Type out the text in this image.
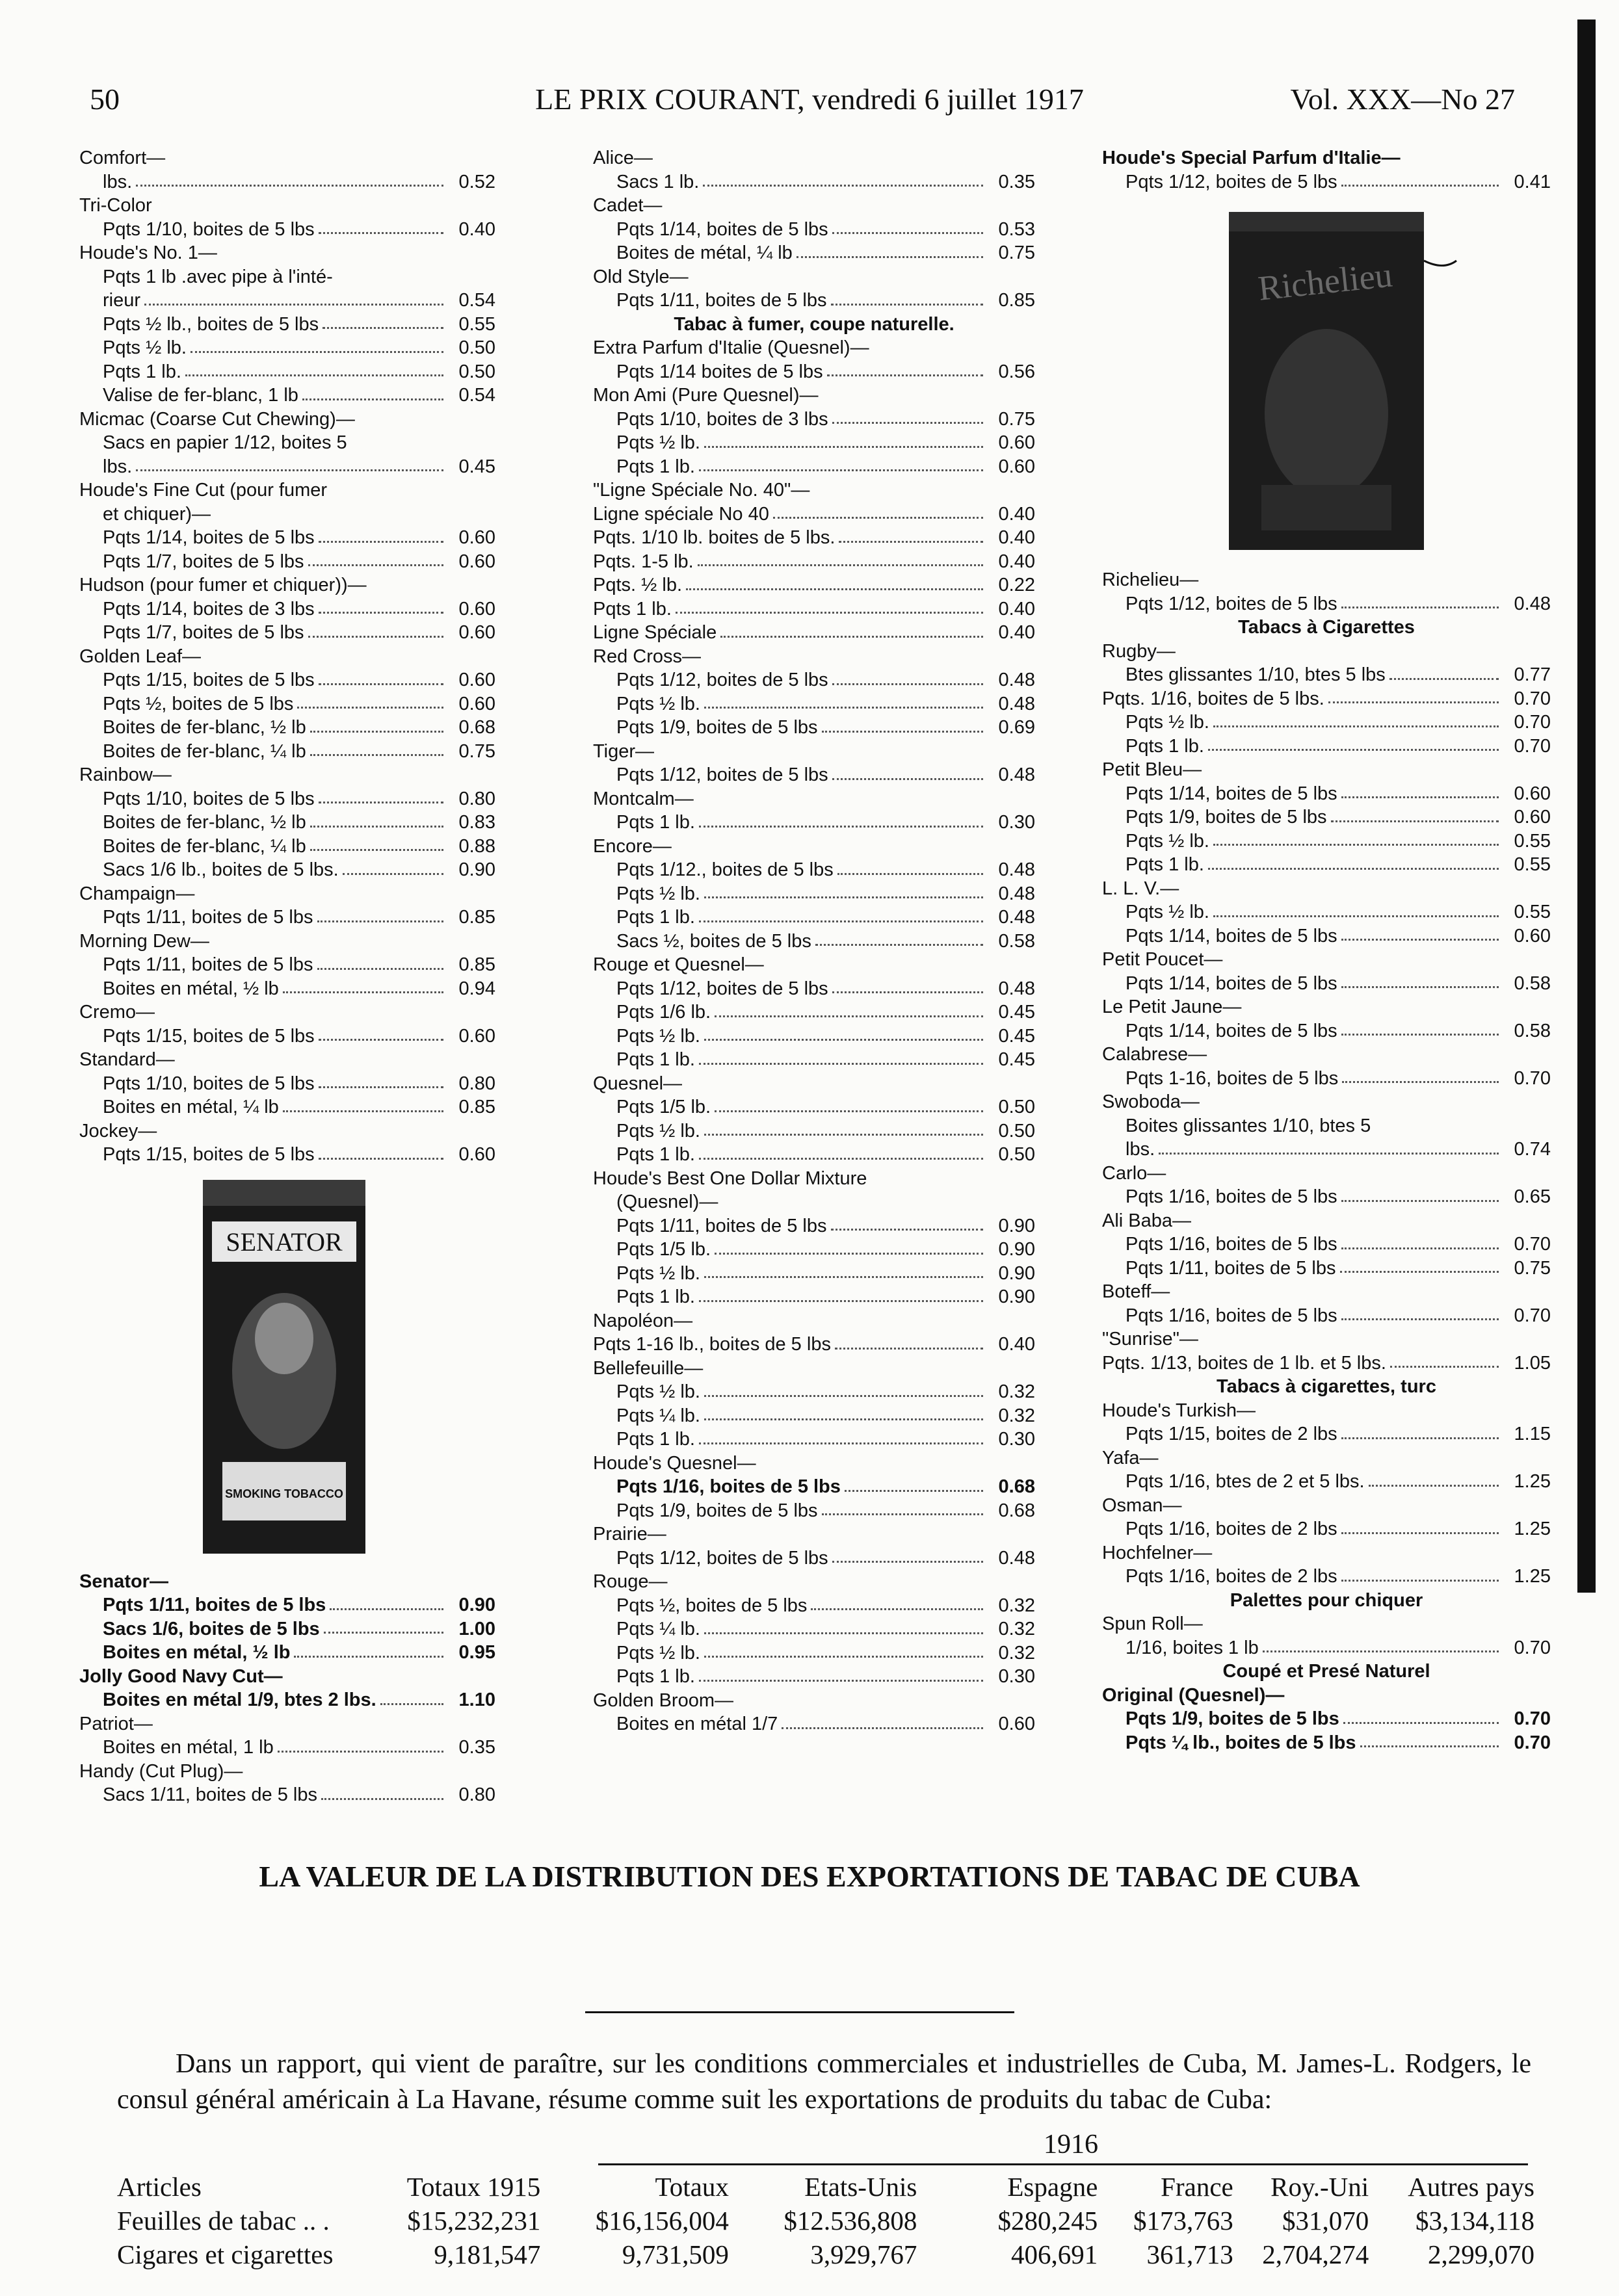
50	LE PRIX COURANT, vendredi 6 juillet 1917	Vol. XXX—No 27
Comfort—
lbs.	0.52
Tri-Color
Pqts 1/10, boites de 5 lbs	0.40
Houde's No. 1—
Pqts 1 lb .avec pipe à l'inté-
rieur	0.54
Pqts ½ lb., boites de 5 lbs	0.55
Pqts ½ lb.	0.50
Pqts 1 lb.	0.50
Valise de fer-blanc, 1 lb	0.54
Micmac (Coarse Cut Chewing)—
Sacs en papier 1/12, boites 5
lbs.	0.45
Houde's Fine Cut (pour fumer
et chiquer)—
Pqts 1/14, boites de 5 lbs	0.60
Pqts 1/7, boites de 5 lbs	0.60
Hudson (pour fumer et chiquer))—
Pqts 1/14, boites de 3 lbs	0.60
Pqts 1/7, boites de 5 lbs	0.60
Golden Leaf—
Pqts 1/15, boites de 5 lbs	0.60
Pqts ½, boites de 5 lbs	0.60
Boites de fer-blanc, ½ lb	0.68
Boites de fer-blanc, ¼ lb	0.75
Rainbow—
Pqts 1/10, boites de 5 lbs	0.80
Boites de fer-blanc, ½ lb	0.83
Boites de fer-blanc, ¼ lb	0.88
Sacs 1/6 lb., boites de 5 lbs.	0.90
Champaign—
Pqts 1/11, boites de 5 lbs	0.85
Morning Dew—
Pqts 1/11, boites de 5 lbs	0.85
Boites en métal, ½ lb	0.94
Cremo—
Pqts 1/15, boites de 5 lbs	0.60
Standard—
Pqts 1/10, boites de 5 lbs	0.80
Boites en métal, ¼ lb	0.85
Jockey—
Pqts 1/15, boites de 5 lbs	0.60
SENATOR
SMOKING TOBACCO
Senator—
Pqts 1/11, boites de 5 lbs	0.90
Sacs 1/6, boites de 5 lbs	1.00
Boites en métal, ½ lb	0.95
Jolly Good Navy Cut—
Boites en métal 1/9, btes 2 lbs.	1.10
Patriot—
Boites en métal, 1 lb	0.35
Handy (Cut Plug)—
Sacs 1/11, boites de 5 lbs	0.80
Alice—
Sacs 1 lb.	0.35
Cadet—
Pqts 1/14, boites de 5 lbs	0.53
Boites de métal, ¼ lb	0.75
Old Style—
Pqts 1/11, boites de 5 lbs	0.85
Tabac à fumer, coupe naturelle.
Extra Parfum d'Italie (Quesnel)—
Pqts 1/14 boites de 5 lbs	0.56
Mon Ami (Pure Quesnel)—
Pqts 1/10, boites de 3 lbs	0.75
Pqts ½ lb.	0.60
Pqts 1 lb.	0.60
"Ligne Spéciale No. 40"—
Ligne spéciale No 40	0.40
Pqts. 1/10 lb. boites de 5 lbs.	0.40
Pqts. 1-5 lb.	0.40
Pqts. ½ lb.	0.22
Pqts 1 lb.	0.40
Ligne Spéciale	0.40
Red Cross—
Pqts 1/12, boites de 5 lbs	0.48
Pqts ½ lb.	0.48
Pqts 1/9, boites de 5 lbs	0.69
Tiger—
Pqts 1/12, boites de 5 lbs	0.48
Montcalm—
Pqts 1 lb.	0.30
Encore—
Pqts 1/12., boites de 5 lbs	0.48
Pqts ½ lb.	0.48
Pqts 1 lb.	0.48
Sacs ½, boites de 5 lbs	0.58
Rouge et Quesnel—
Pqts 1/12, boites de 5 lbs	0.48
Pqts 1/6 lb.	0.45
Pqts ½ lb.	0.45
Pqts 1 lb.	0.45
Quesnel—
Pqts 1/5 lb.	0.50
Pqts ½ lb.	0.50
Pqts 1 lb.	0.50
Houde's Best One Dollar Mixture
(Quesnel)—
Pqts 1/11, boites de 5 lbs	0.90
Pqts 1/5 lb.	0.90
Pqts ½ lb.	0.90
Pqts 1 lb.	0.90
Napoléon—
Pqts 1-16 lb., boites de 5 lbs	0.40
Bellefeuille—
Pqts ½ lb.	0.32
Pqts ¼ lb.	0.32
Pqts 1 lb.	0.30
Houde's Quesnel—
Pqts 1/16, boites de 5 lbs	0.68
Pqts 1/9, boites de 5 lbs	0.68
Prairie—
Pqts 1/12, boites de 5 lbs	0.48
Rouge—
Pqts ½, boites de 5 lbs	0.32
Pqts ¼ lb.	0.32
Pqts ½ lb.	0.32
Pqts 1 lb.	0.30
Golden Broom—
Boites en métal 1/7	0.60
Houde's Special Parfum d'Italie—
Pqts 1/12, boites de 5 lbs	0.41
Richelieu
Richelieu—
Pqts 1/12, boites de 5 lbs	0.48
Tabacs à Cigarettes
Rugby—
Btes glissantes 1/10, btes 5 lbs	0.77
Pqts. 1/16, boites de 5 lbs.	0.70
Pqts ½ lb.	0.70
Pqts 1 lb.	0.70
Petit Bleu—
Pqts 1/14, boites de 5 lbs	0.60
Pqts 1/9, boites de 5 lbs	0.60
Pqts ½ lb.	0.55
Pqts 1 lb.	0.55
L. L. V.—
Pqts ½ lb.	0.55
Pqts 1/14, boites de 5 lbs	0.60
Petit Poucet—
Pqts 1/14, boites de 5 lbs	0.58
Le Petit Jaune—
Pqts 1/14, boites de 5 lbs	0.58
Calabrese—
Pqts 1-16, boites de 5 lbs	0.70
Swoboda—
Boites glissantes 1/10, btes 5
lbs.	0.74
Carlo—
Pqts 1/16, boites de 5 lbs	0.65
Ali Baba—
Pqts 1/16, boites de 5 lbs	0.70
Pqts 1/11, boites de 5 lbs	0.75
Boteff—
Pqts 1/16, boites de 5 lbs	0.70
"Sunrise"—
Pqts. 1/13, boites de 1 lb. et 5 lbs.	1.05
Tabacs à cigarettes, turc
Houde's Turkish—
Pqts 1/15, boites de 2 lbs	1.15
Yafa—
Pqts 1/16, btes de 2 et 5 lbs.	1.25
Osman—
Pqts 1/16, boites de 2 lbs	1.25
Hochfelner—
Pqts 1/16, boites de 2 lbs	1.25
Palettes pour chiquer
Spun Roll—
1/16, boites 1 lb	0.70
Coupé et Presé Naturel
Original (Quesnel)—
Pqts 1/9, boites de 5 lbs	0.70
Pqts ¼ lb., boites de 5 lbs	0.70
LA VALEUR DE LA DISTRIBUTION DES EXPORTATIONS DE TABAC DE CUBA
Dans un rapport, qui vient de paraître, sur les conditions commerciales et industrielles de Cuba, M. James-L. Rodgers, le consul général américain à La Havane, résume comme suit les exportations de produits du tabac de Cuba:
1916
Articles	Totaux 1915	Totaux	Etats-Unis	Espagne	France	Roy.-Uni	Autres pays
Feuilles de tabac .. .	$15,232,231	$16,156,004	$12.536,808	$280,245	$173,763	$31,070	$3,134,118
Cigares et cigarettes	9,181,547	9,731,509	3,929,767	406,691	361,713	2,704,274	2,299,070
